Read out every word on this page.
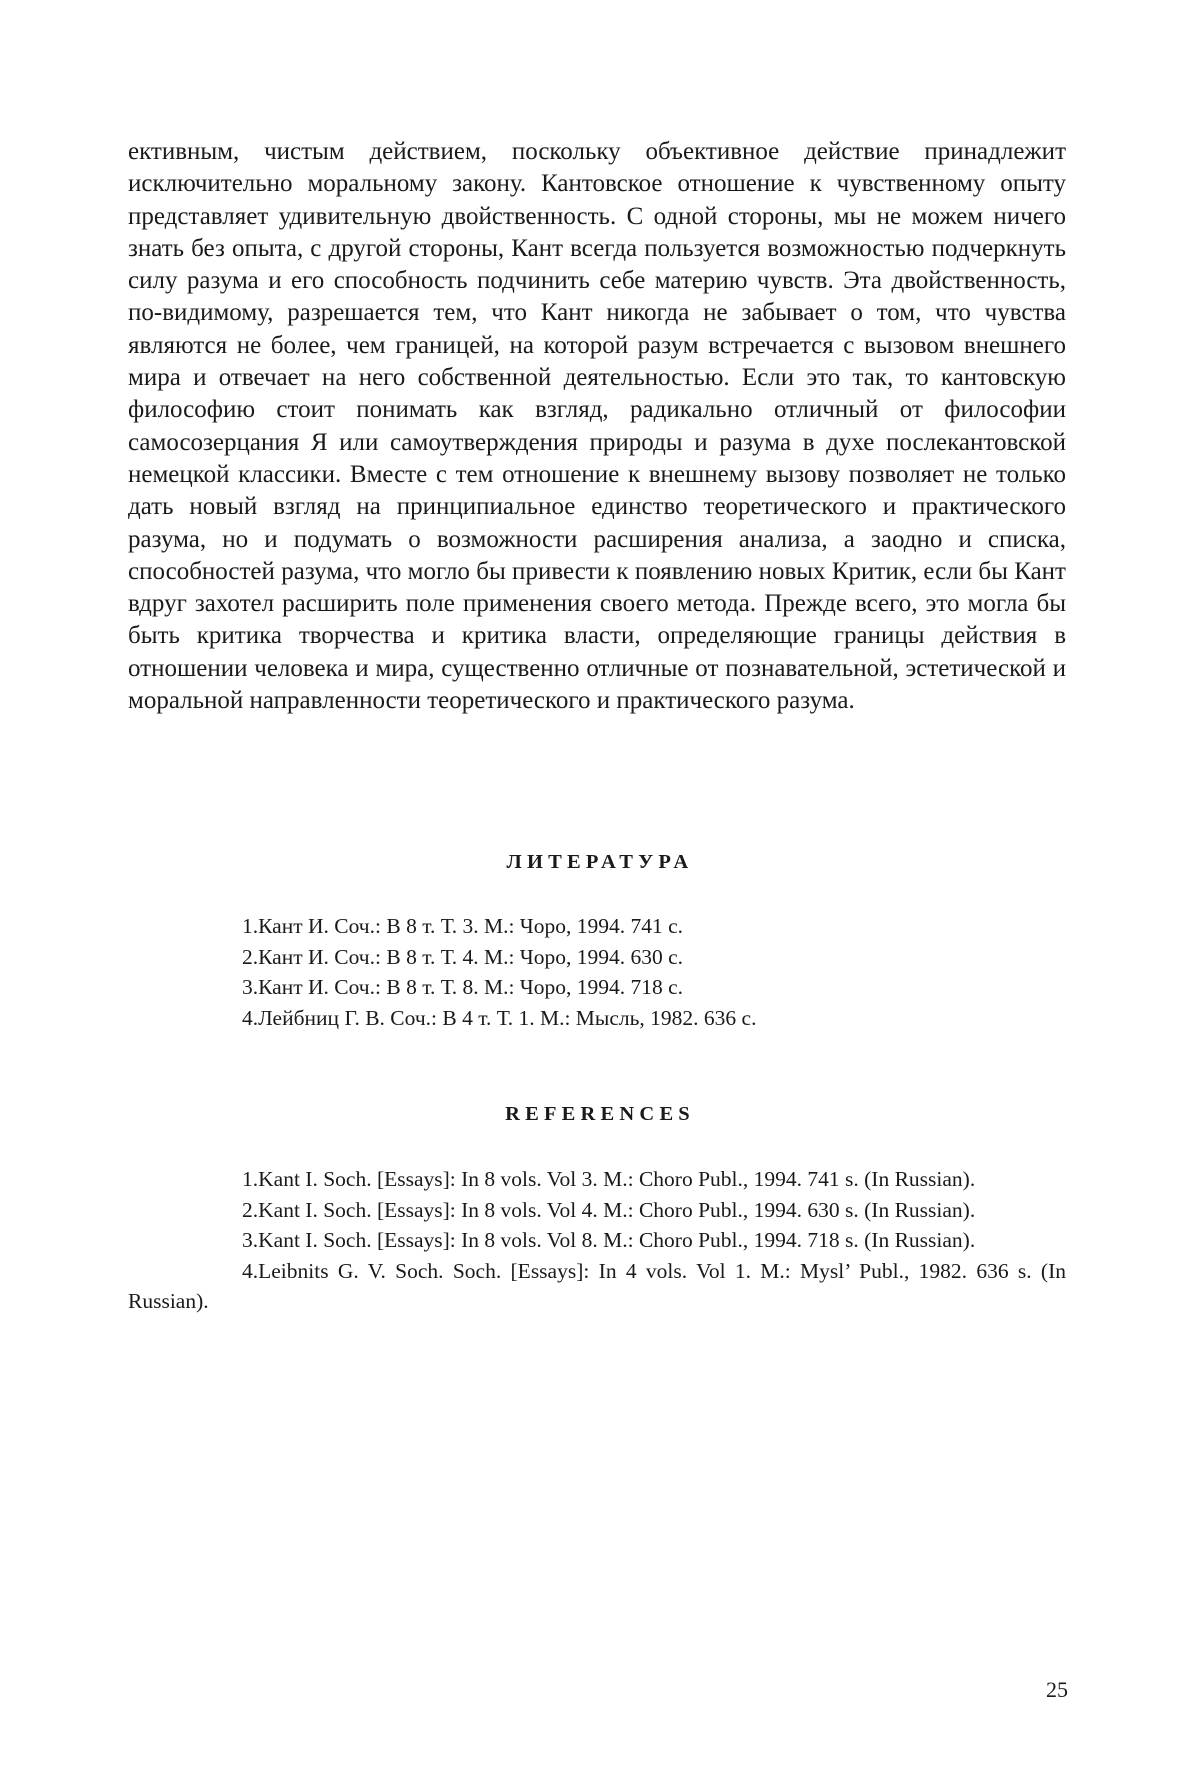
ективным, чистым действием, поскольку объективное действие принадлежит исключительно моральному закону. Кантовское отношение к чувственному опыту представляет удивительную двойственность. С одной стороны, мы не можем ничего знать без опыта, с другой стороны, Кант всегда пользуется возможностью подчеркнуть силу разума и его способность подчинить себе материю чувств. Эта двойственность, по-видимому, разрешается тем, что Кант никогда не забывает о том, что чувства являются не более, чем границей, на которой разум встречается с вызовом внешнего мира и отвечает на него собственной деятельностью. Если это так, то кантовскую философию стоит понимать как взгляд, радикально отличный от философии самосозерцания Я или самоутверждения природы и разума в духе послекантовской немецкой классики. Вместе с тем отношение к внешнему вызову позволяет не только дать новый взгляд на принципиальное единство теоретического и практического разума, но и подумать о возможности расширения анализа, а заодно и списка, способностей разума, что могло бы привести к появлению новых Критик, если бы Кант вдруг захотел расширить поле применения своего метода. Прежде всего, это могла бы быть критика творчества и критика власти, определяющие границы действия в отношении человека и мира, существенно отличные от познавательной, эстетической и моральной направленности теоретического и практического разума.

ЛИТЕРАТУРА
1.Кант И. Соч.: В 8 т. Т. 3. М.: Чоро, 1994. 741 с.
2.Кант И. Соч.: В 8 т. Т. 4. М.: Чоро, 1994. 630 с.
3.Кант И. Соч.: В 8 т. Т. 8. М.: Чоро, 1994. 718 с.
4.Лейбниц Г. В. Соч.: В 4 т. Т. 1. М.: Мысль, 1982. 636 с.
REFERENCES
1.Kant I. Soch. [Essays]: In 8 vols. Vol 3. M.: Choro Publ., 1994. 741 s. (In Russian).
2.Kant I. Soch. [Essays]: In 8 vols. Vol 4. M.: Choro Publ., 1994. 630 s. (In Russian).
3.Kant I. Soch. [Essays]: In 8 vols. Vol 8. M.: Choro Publ., 1994. 718 s. (In Russian).
4.Leibnits G. V. Soch. Soch. [Essays]: In 4 vols. Vol 1. M.: Mysl’ Publ., 1982. 636 s. (In Russian).
25
